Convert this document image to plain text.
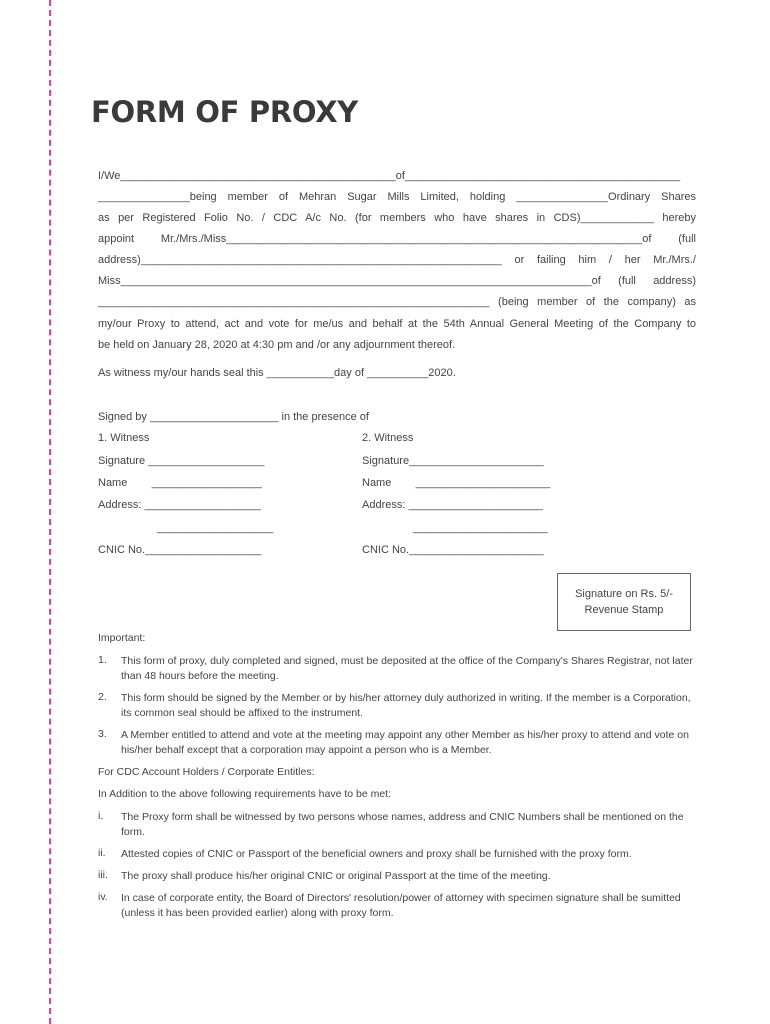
FORM OF PROXY
I/We_____________________________________________of_____________________________________________
_______________being member of Mehran Sugar Mills Limited, holding _______________Ordinary Shares
as per Registered Folio No. / CDC A/c No. (for members who have shares in CDS)____________ hereby
appoint Mr./Mrs./Miss____________________________________________________________________of (full
address)___________________________________________________________ or failing him / her Mr./Mrs./
Miss_____________________________________________________________________________of (full address)
________________________________________________________________ (being member of the company) as
my/our Proxy to attend, act and vote for me/us and behalf at the 54th Annual General Meeting of the Company to
be held on January 28, 2020 at 4:30 pm and /or any adjournment thereof.
As witness my/our hands seal this ___________day of __________2020.
Signed by _____________________ in the presence of
1. Witness
Signature ___________________
Name        __________________
Address: ___________________
___________________
CNIC No.___________________
2. Witness
Signature______________________
Name        ______________________
Address: ______________________
______________________
CNIC No.______________________
Signature on Rs. 5/-
Revenue Stamp
Important:
1.	This form of proxy, duly completed and signed, must be deposited at the office of the Company's Shares Registrar, not later than 48 hours before the meeting.
2.	This form should be signed by the Member or by his/her attorney duly authorized in writing. If the member is a Corporation, its common seal should be affixed to the instrument.
3.	A Member entitled to attend and vote at the meeting may appoint any other Member as his/her proxy to attend and vote on his/her behalf except that a corporation may appoint a person who is a Member.
For CDC Account Holders / Corporate Entitles:
In Addition to the above following requirements have to be met:
i.	The Proxy form shall be witnessed by two persons whose names, address and CNIC Numbers shall be mentioned on the form.
ii.	Attested copies of CNIC or Passport of the beneficial owners and proxy shall be furnished with the proxy form.
iii.	The proxy shall produce his/her original CNIC or original Passport at the time of the meeting.
iv.	In case of corporate entity, the Board of Directors' resolution/power of attorney with specimen signature shall be sumitted (unless it has been provided earlier) along with proxy form.
